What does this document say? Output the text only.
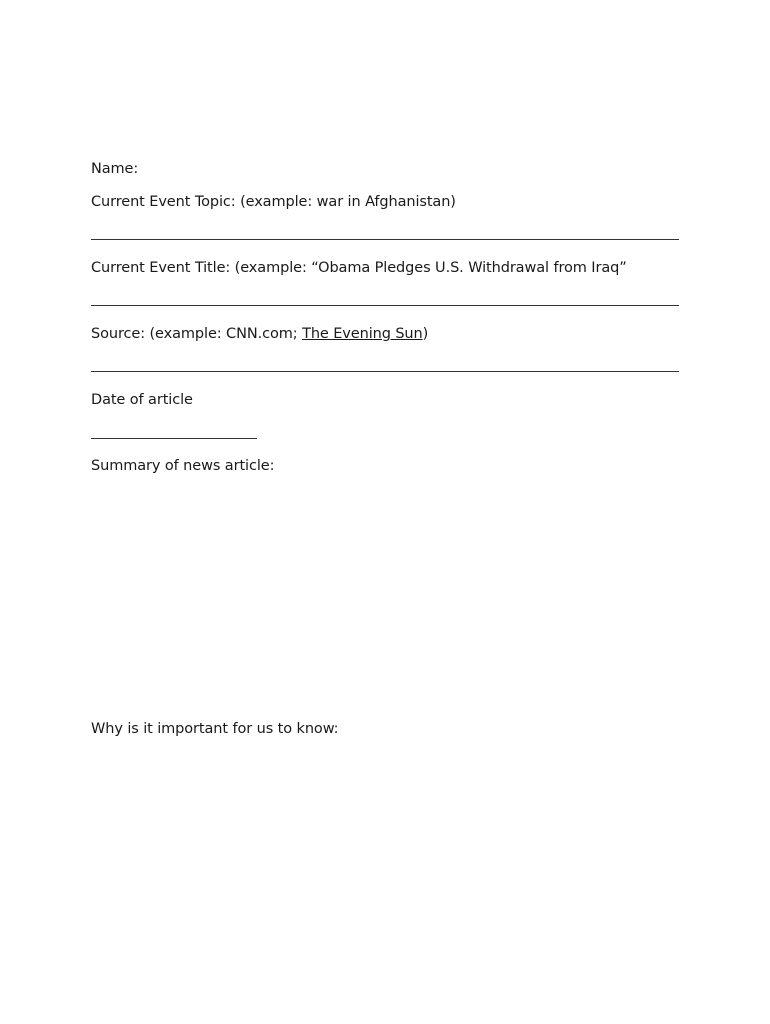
Name:
Current Event Topic: (example: war in Afghanistan)
Current Event Title: (example: “Obama Pledges U.S. Withdrawal from Iraq”
Source: (example: CNN.com; The Evening Sun)
Date of article
Summary of news article:
Why is it important for us to know:
